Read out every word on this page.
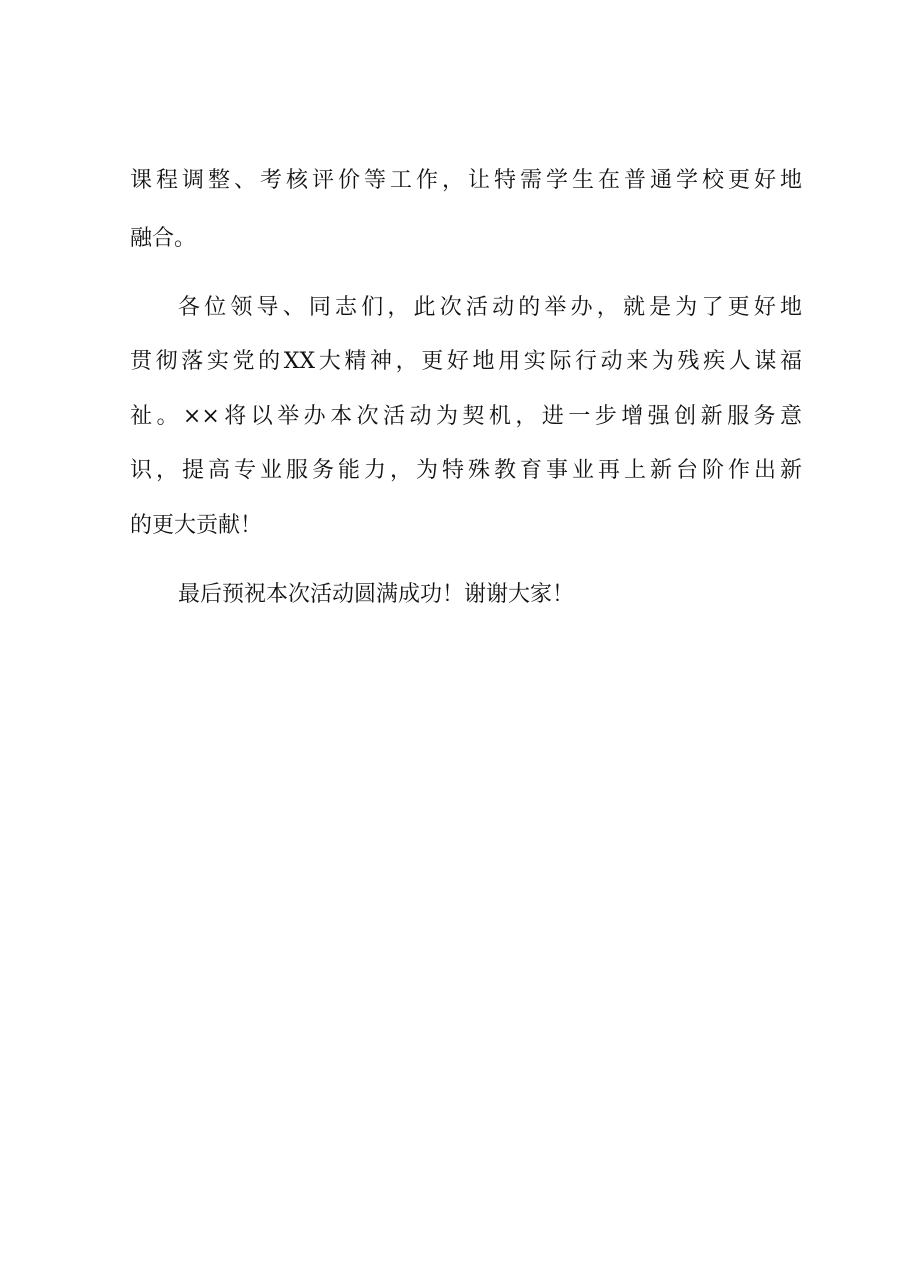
课程调整、考核评价等工作，让特需学生在普通学校更好地
融合。
各位领导、同志们，此次活动的举办，就是为了更好地
贯彻落实党的XX大精神，更好地用实际行动来为残疾人谋福
祉。××将以举办本次活动为契机，进一步增强创新服务意
识，提高专业服务能力，为特殊教育事业再上新台阶作出新
的更大贡献！
最后预祝本次活动圆满成功！谢谢大家！
